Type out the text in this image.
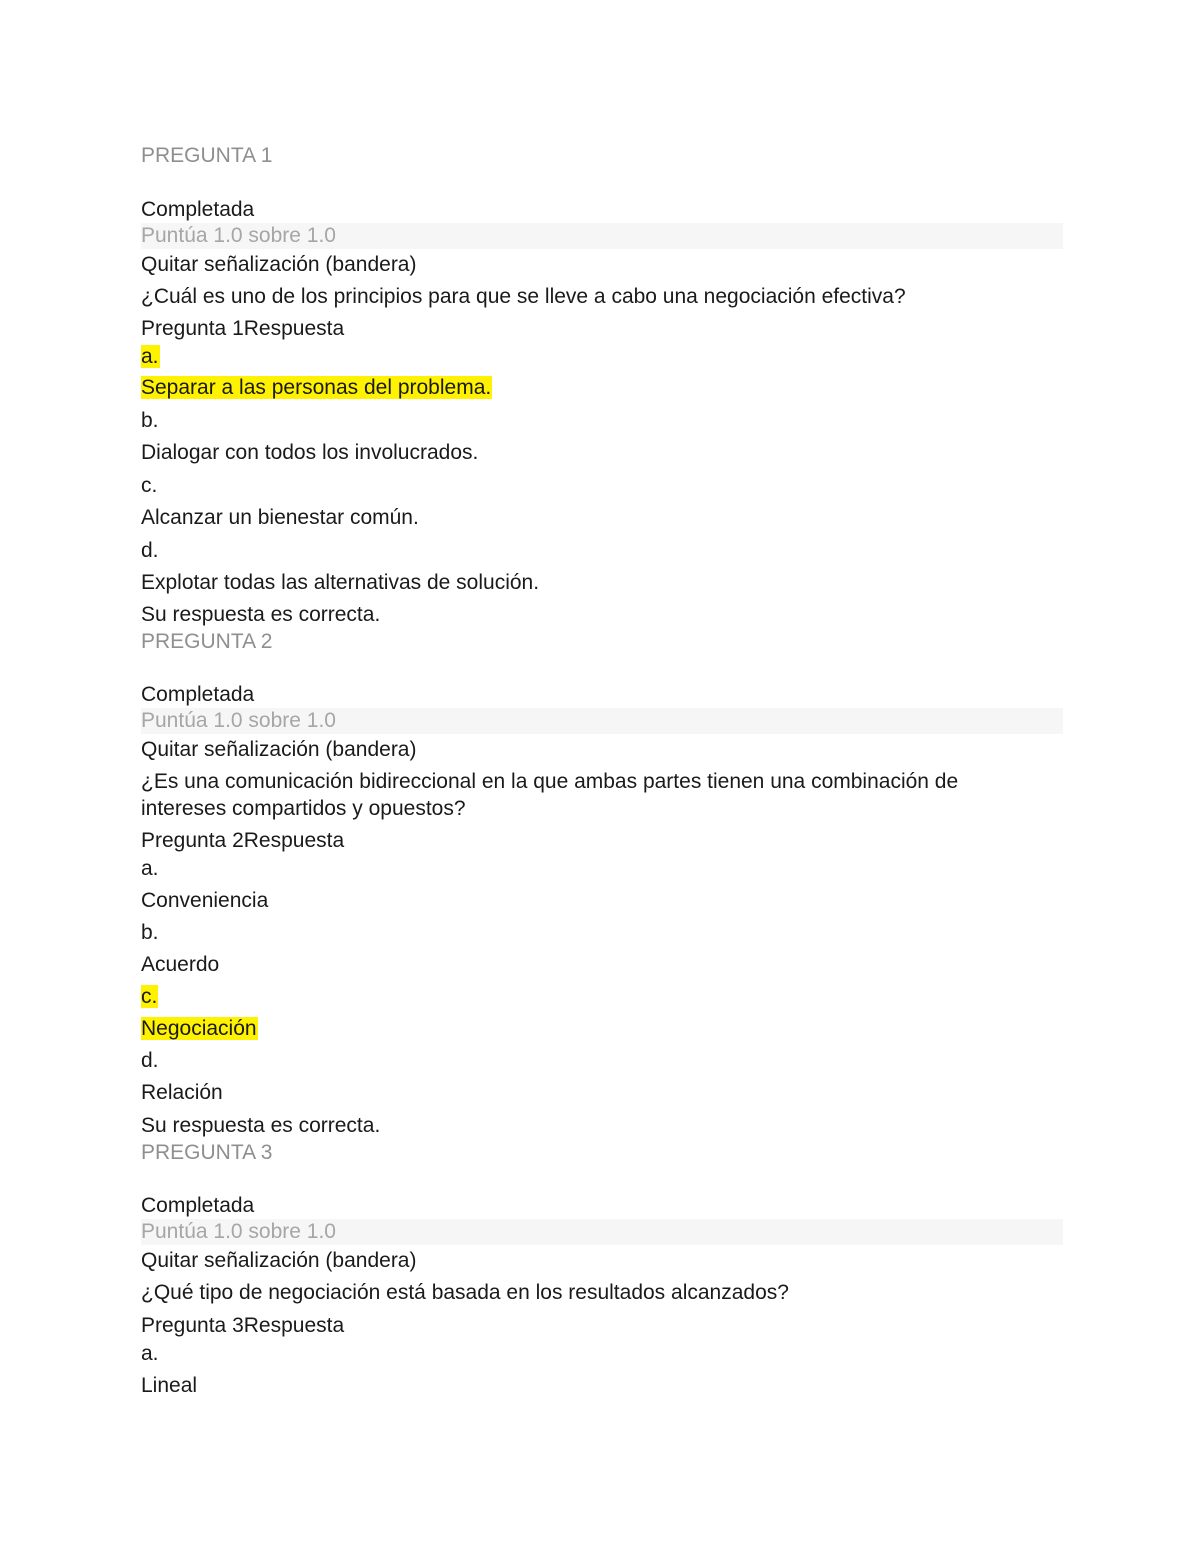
PREGUNTA 1
Completada
Puntúa 1.0 sobre 1.0
Quitar señalización (bandera)
¿Cuál es uno de los principios para que se lleve a cabo una negociación efectiva?
Pregunta 1Respuesta
a.
Separar a las personas del problema.
b.
Dialogar con todos los involucrados.
c.
Alcanzar un bienestar común.
d.
Explotar todas las alternativas de solución.
Su respuesta es correcta.
PREGUNTA 2
Completada
Puntúa 1.0 sobre 1.0
Quitar señalización (bandera)
¿Es una comunicación bidireccional en la que ambas partes tienen una combinación de
intereses compartidos y opuestos?
Pregunta 2Respuesta
a.
Conveniencia
b.
Acuerdo
c.
Negociación
d.
Relación
Su respuesta es correcta.
PREGUNTA 3
Completada
Puntúa 1.0 sobre 1.0
Quitar señalización (bandera)
¿Qué tipo de negociación está basada en los resultados alcanzados?
Pregunta 3Respuesta
a.
Lineal
